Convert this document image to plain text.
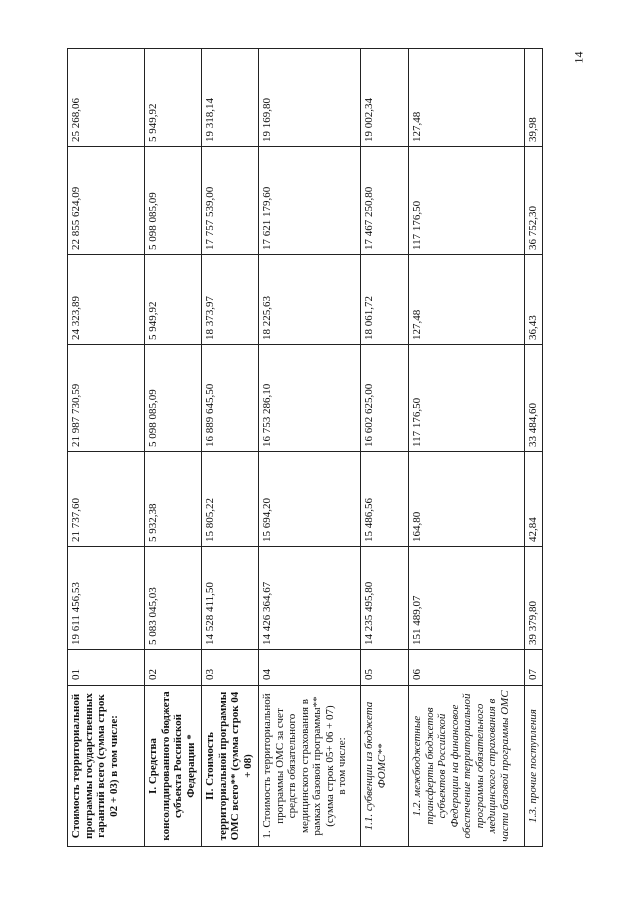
14
Стоимость территориальной программы государственных гарантий всего (сумма строк 02 + 03) в том числе:	01	19 611 456,53	21 737,60	21 987 730,59	24 323,89	22 855 624,09	25 268,06
I. Средства консолидированного бюджета субъекта Российской Федерации *	02	5 083 045,03	5 932,38	5 098 085,09	5 949,92	5 098 085,09	5 949,92
II. Стоимость территориальной программы ОМС всего** (сумма строк 04 + 08)	03	14 528 411,50	15 805,22	16 889 645,50	18 373,97	17 757 539,00	19 318,14

1. Стоимость территориальной программы ОМС за счет средств обязательного медицинского страхования в рамках базовой программы** (сумма строк 05+ 06 + 07) в том числе:	04	14 426 364,67	15 694,20	16 753 286,10	18 225,63	17 621 179,60	19 169,80
1.1. субвенции из бюджета ФОМС**	05	14 235 495,80	15 486,56	16 602 625,00	18 061,72	17 467 250,80	19 002,34
1.2. межбюджетные трансферты бюджетов субъектов Российской Федерации на финансовое обеспечение территориальной программы обязательного медицинского страхования в части базовой программы ОМС	06	151 489,07	164,80	117 176,50	127,48	117 176,50	127,48
1.3. прочие поступления	07	39 379,80	42,84	33 484,60	36,43	36 752,30	39,98
